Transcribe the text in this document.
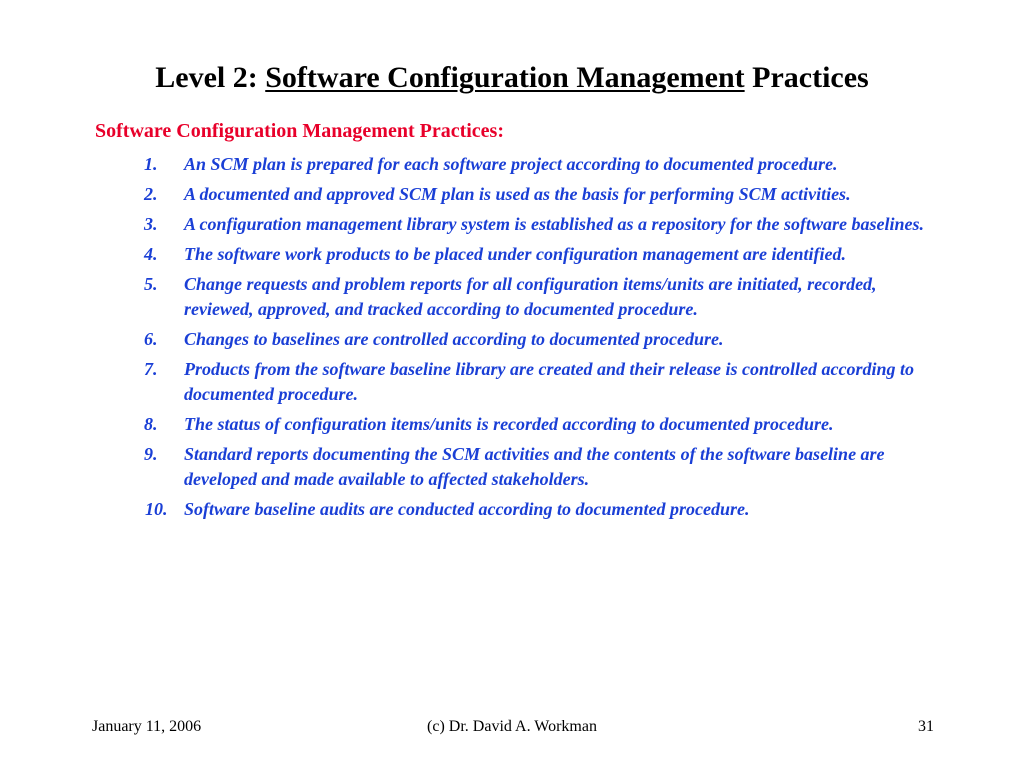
Level 2: Software Configuration Management Practices
Software Configuration Management Practices:
1. An SCM plan is prepared for each software project according to documented procedure.
2. A documented and approved SCM plan is used as the basis for performing SCM activities.
3. A configuration management library system is established as a repository for the software baselines.
4. The software work products to be placed under configuration management are identified.
5. Change requests and problem reports for all configuration items/units are initiated, recorded, reviewed, approved, and tracked according to documented procedure.
6. Changes to baselines are controlled according to documented procedure.
7. Products from the software baseline library are created and their release is controlled according to documented procedure.
8. The status of configuration items/units is recorded according to documented procedure.
9. Standard reports documenting the SCM activities and the contents of the software baseline are developed and made available to affected stakeholders.
10. Software baseline audits are conducted according to documented procedure.
January 11, 2006	(c) Dr. David A. Workman	31
